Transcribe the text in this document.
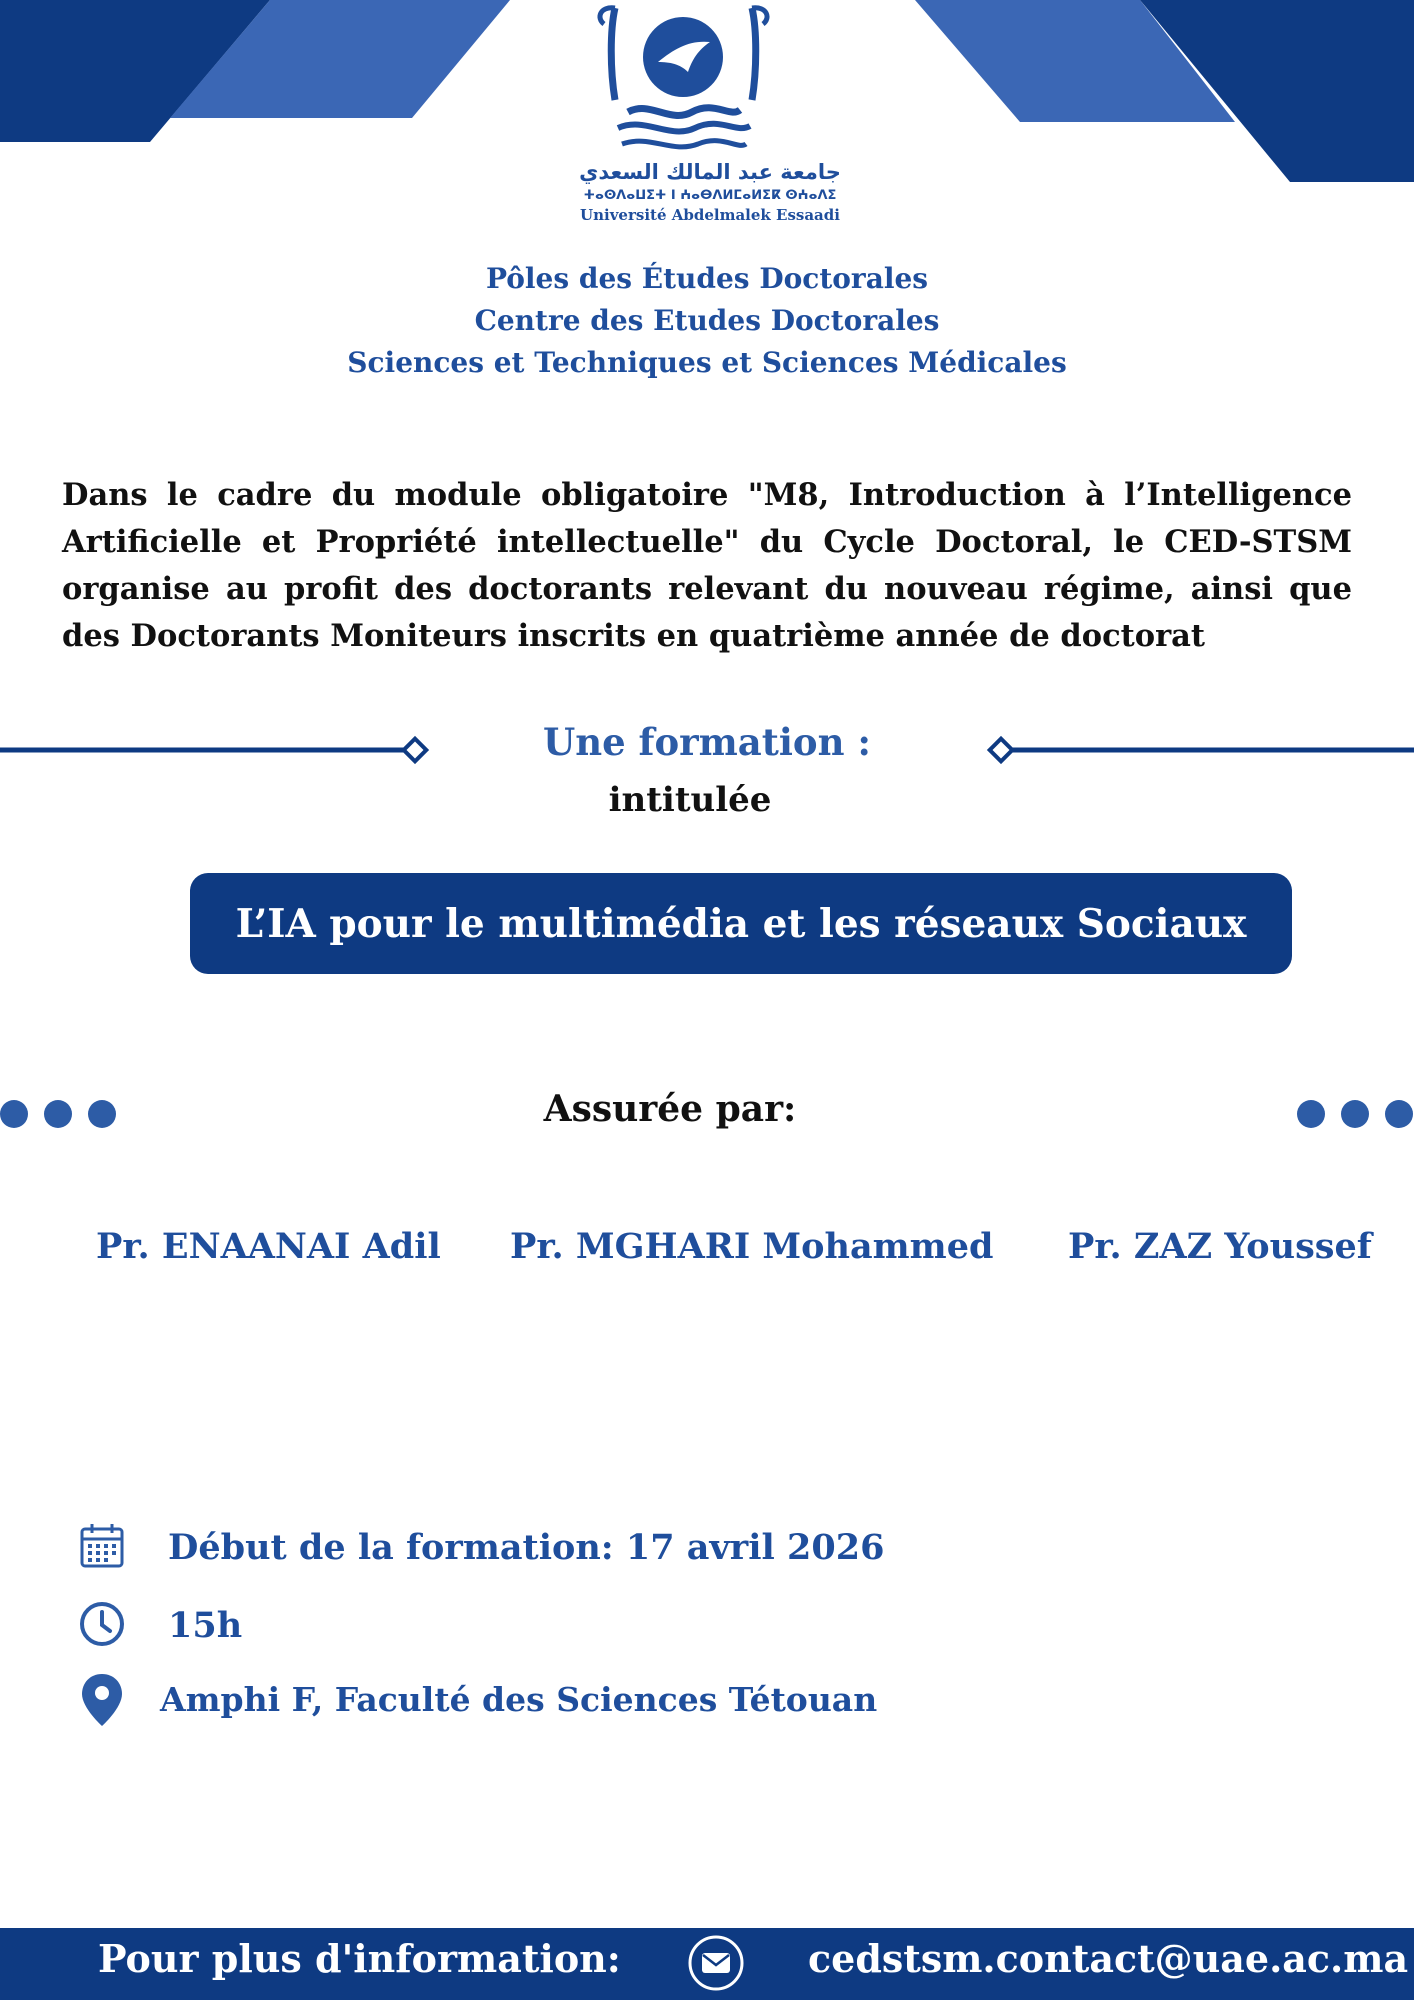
جامعة عبد المالك السعدي
ⵜⴰⵙⴷⴰⵡⵉⵜ ⵏ ⵄⴰⴱⴷⵍⵎⴰⵍⵉⴽ ⵙⵄⴰⴷⵉ
Université Abdelmalek Essaadi
Pôles des Études Doctorales
Centre des Etudes Doctorales
Sciences et Techniques et Sciences Médicales
Dans le cadre du module obligatoire "M8, Introduction à l’Intelligence Artificielle et Propriété intellectuelle" du Cycle Doctoral, le CED-STSM organise au profit des doctorants relevant du nouveau régime, ainsi que des Doctorants Moniteurs inscrits en quatrième année de doctorat
Une formation :
intitulée
L’IA pour le multimédia et les réseaux Sociaux
Assurée par:
Pr. ENAANAI Adil Pr. MGHARI Mohammed Pr. ZAZ Youssef
Début de la formation: 17 avril 2026
15h
Amphi F, Faculté des Sciences Tétouan
Pour plus d'information:	cedstsm.contact@uae.ac.ma
